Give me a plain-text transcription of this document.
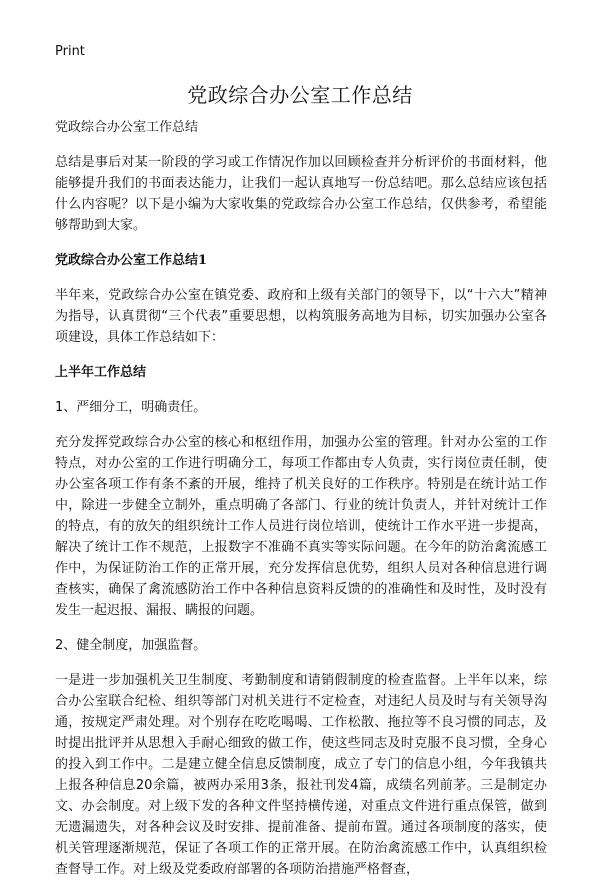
Print
党政综合办公室工作总结

党政综合办公室工作总结

总结是事后对某一阶段的学习或工作情况作加以回顾检查并分析评价的书面材料，他能够提升我们的书面表达能力，让我们一起认真地写一份总结吧。那么总结应该包括什么内容呢？以下是小编为大家收集的党政综合办公室工作总结，仅供参考，希望能够帮助到大家。

党政综合办公室工作总结1

半年来，党政综合办公室在镇党委、政府和上级有关部门的领导下，以“十六大”精神为指导，认真贯彻“三个代表”重要思想，以构筑服务高地为目标，切实加强办公室各项建设，具体工作总结如下：

上半年工作总结

1、严细分工，明确责任。

充分发挥党政综合办公室的核心和枢纽作用，加强办公室的管理。针对办公室的工作特点，对办公室的工作进行明确分工，每项工作都由专人负责，实行岗位责任制，使办公室各项工作有条不紊的开展，维持了机关良好的工作秩序。特别是在统计站工作中，除进一步健全立制外，重点明确了各部门、行业的统计负责人，并针对统计工作的特点，有的放矢的组织统计工作人员进行岗位培训，使统计工作水平进一步提高，解决了统计工作不规范，上报数字不准确不真实等实际问题。在今年的防治禽流感工作中，为保证防治工作的正常开展，充分发挥信息优势，组织人员对各种信息进行调查核实，确保了禽流感防治工作中各种信息资料反馈的的准确性和及时性，及时没有发生一起迟报、漏报、瞒报的问题。

2、健全制度，加强监督。

一是进一步加强机关卫生制度、考勤制度和请销假制度的检查监督。上半年以来，综合办公室联合纪检、组织等部门对机关进行不定检查，对违纪人员及时与有关领导沟通，按规定严肃处理。对个别存在吃吃喝喝、工作松散、拖拉等不良习惯的同志，及时提出批评并从思想入手耐心细致的做工作，使这些同志及时克服不良习惯，全身心的投入到工作中。二是建立健全信息反馈制度，成立了专门的信息小组，今年我镇共上报各种信息20余篇，被两办采用3条，报社刊发4篇，成绩名列前茅。三是制定办文、办会制度。对上级下发的各种文件坚持横传递，对重点文件进行重点保管，做到无遗漏遗失，对各种会议及时安排、提前准备、提前布置。通过各项制度的落实，使机关管理逐渐规范，保证了各项工作的正常开展。在防治禽流感工作中，认真组织检查督导工作。对上级及党委政府部署的各项防治措施严格督查，
